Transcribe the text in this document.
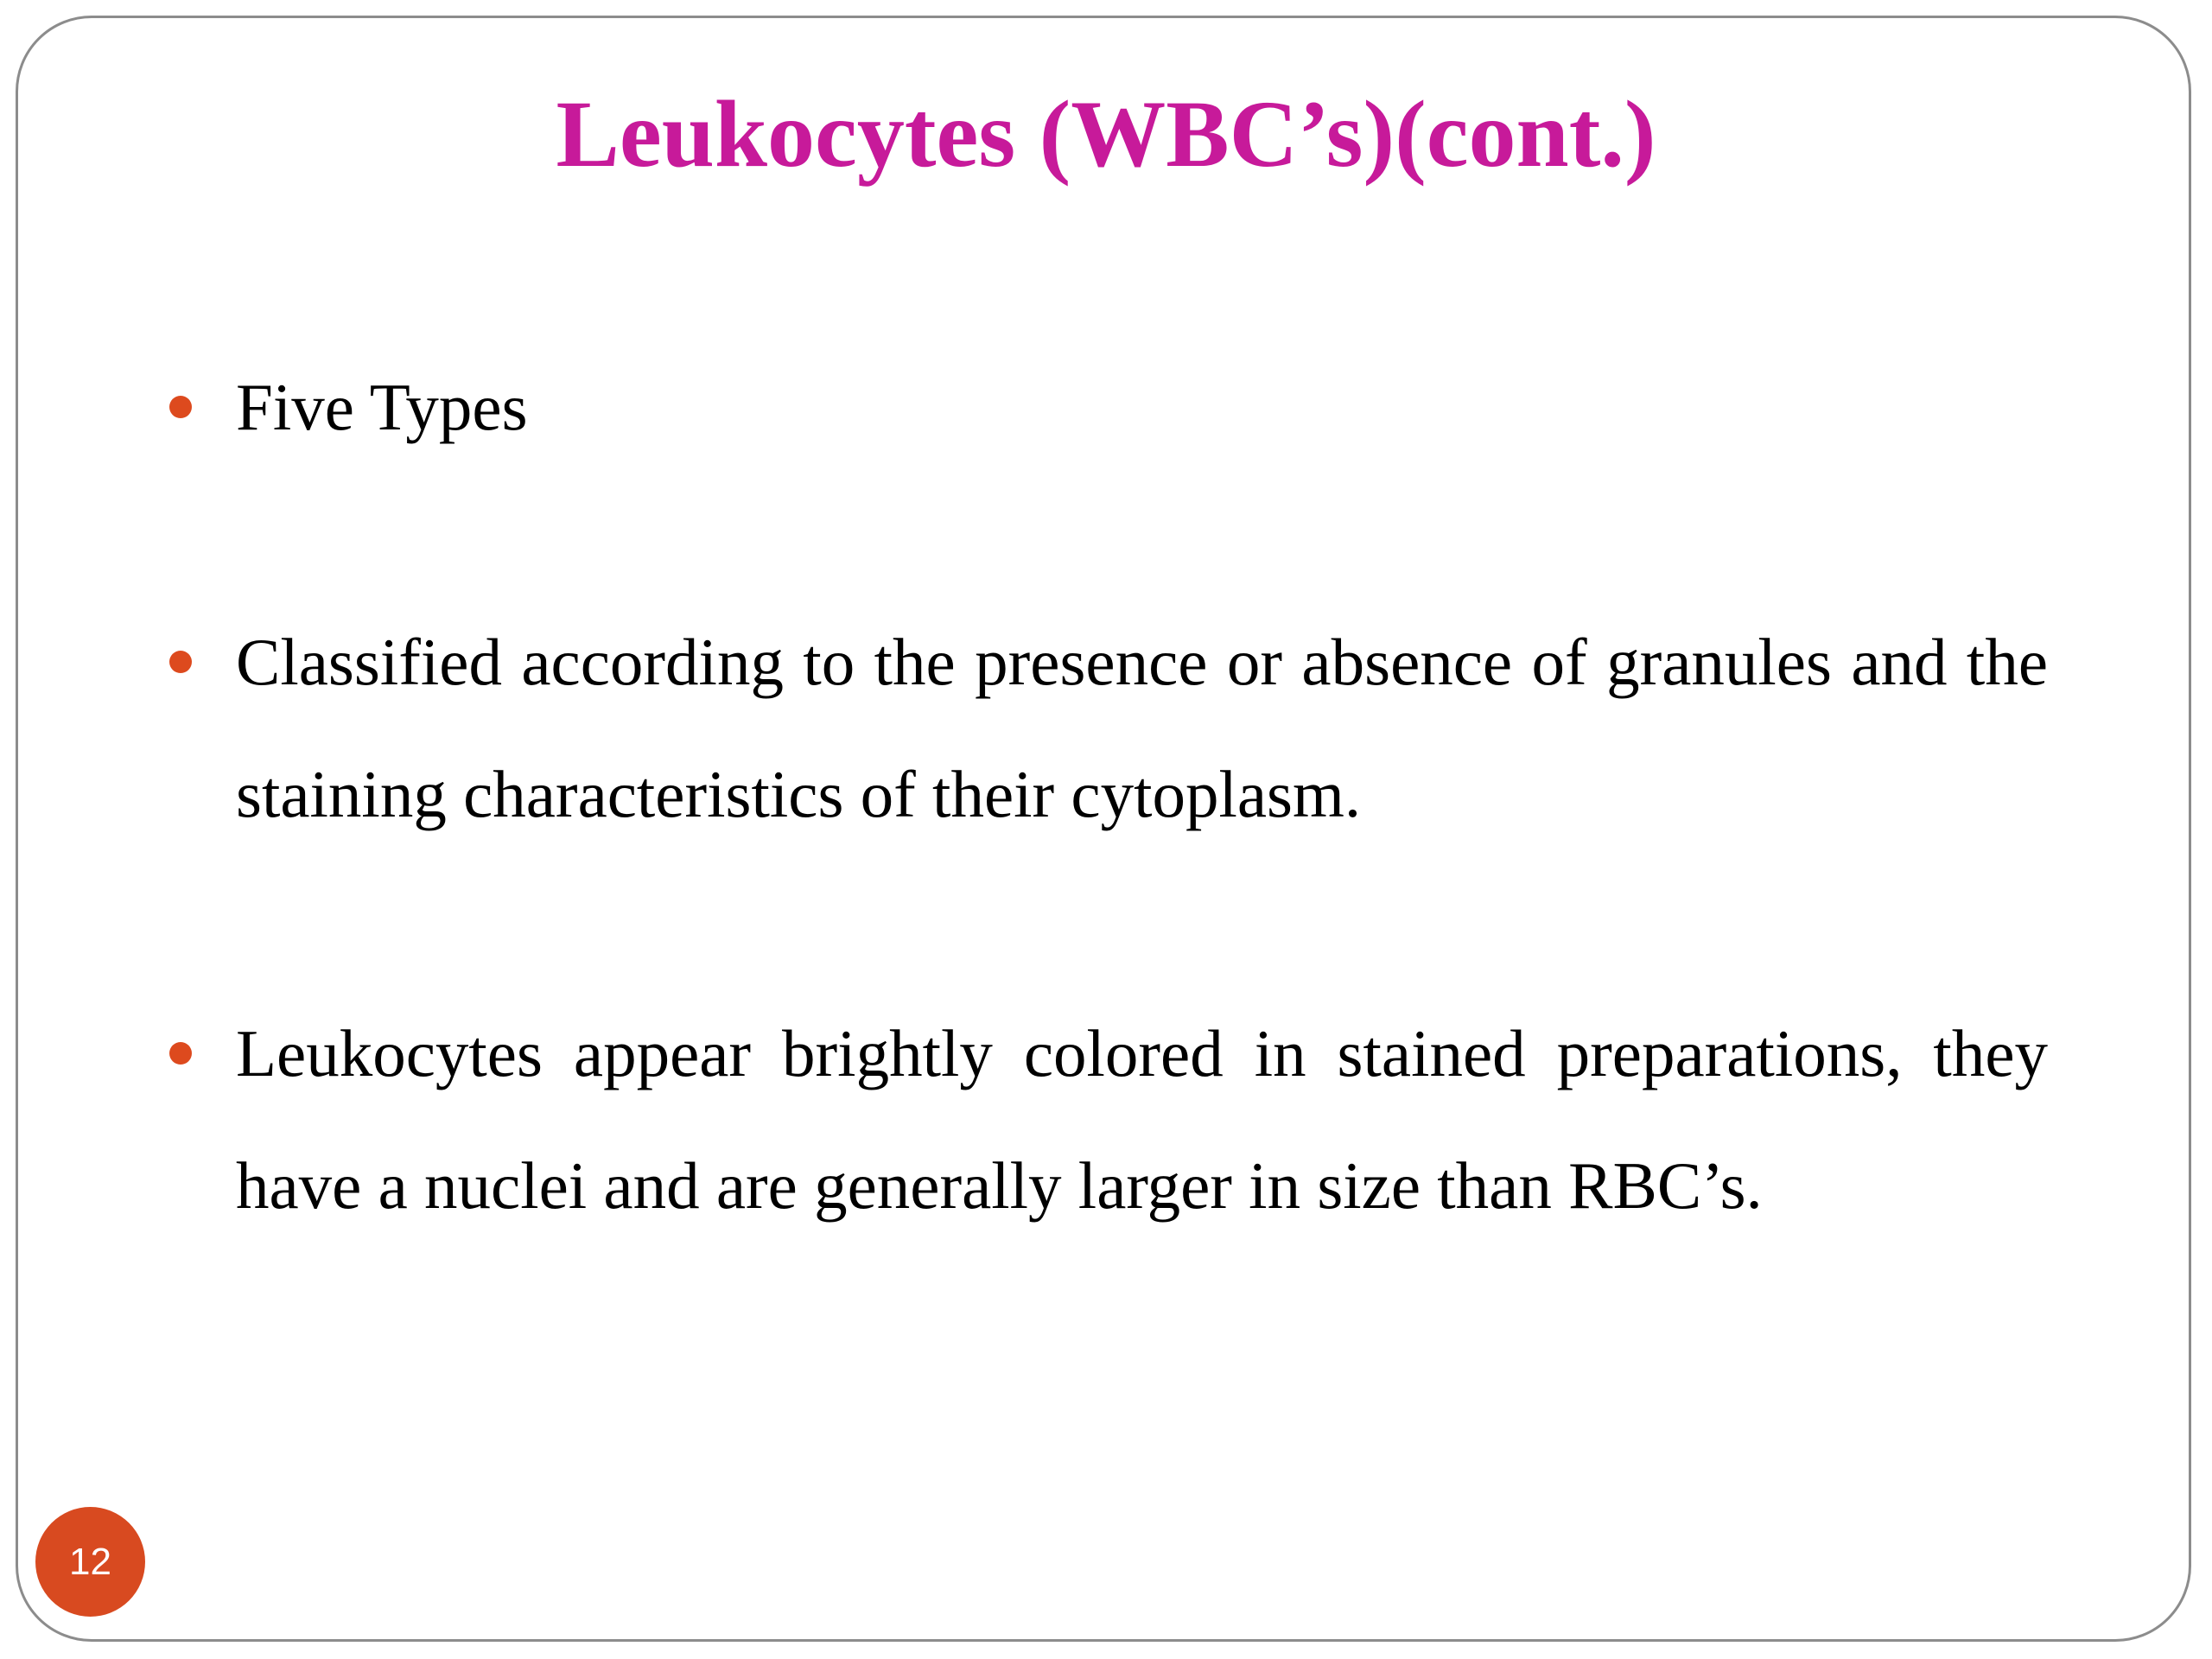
Leukocytes (WBC’s)(cont.)
Five Types
Classified according to the presence or absence of granules and the staining characteristics of their cytoplasm.
Leukocytes appear brightly colored in stained preparations, they have a nuclei and are generally larger in size than RBC’s.
12
